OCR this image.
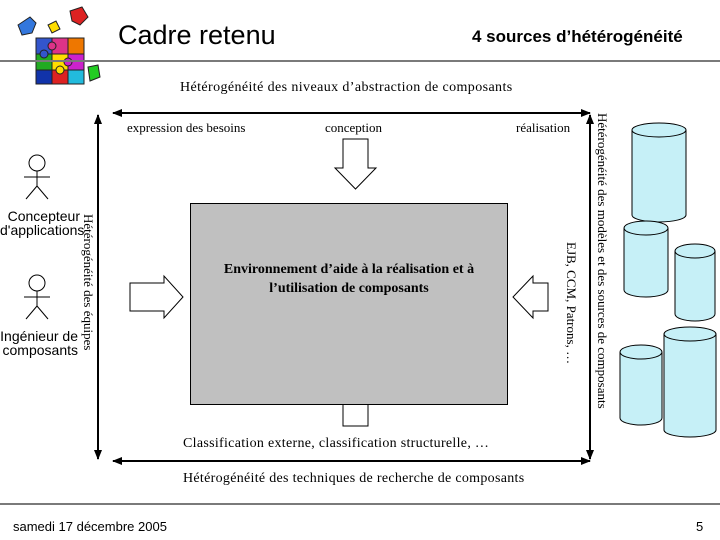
Cadre retenu	4 sources d’hétérogénéité
Hétérogénéité des niveaux d’abstraction de composants
expression des besoins	conception	réalisation
Environnement d’aide à la réalisation et à l’utilisation de composants
Classification externe, classification structurelle, …
Hétérogénéité des techniques de recherche de composants
Concepteur d'applications
Ingénieur de composants Hétérogénéité des équipes	EJB, CCM, Patrons, … Hétérogénéité des modèles et des sources de composants
samedi 17 décembre 2005	5
